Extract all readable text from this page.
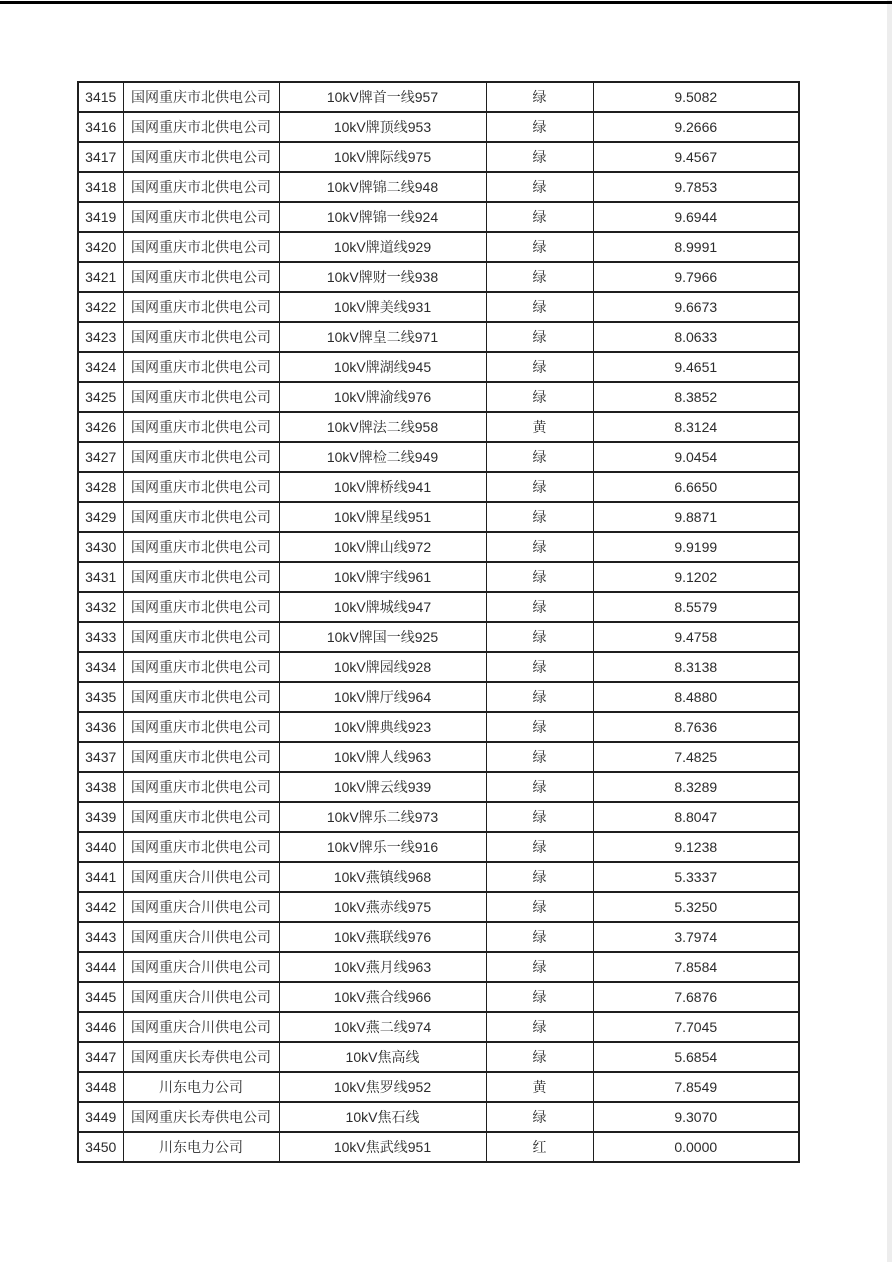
3415	国网重庆市北供电公司	10kV牌首一线957	绿	9.5082
3416	国网重庆市北供电公司	10kV牌顶线953	绿	9.2666
3417	国网重庆市北供电公司	10kV牌际线975	绿	9.4567
3418	国网重庆市北供电公司	10kV牌锦二线948	绿	9.7853
3419	国网重庆市北供电公司	10kV牌锦一线924	绿	9.6944
3420	国网重庆市北供电公司	10kV牌道线929	绿	8.9991
3421	国网重庆市北供电公司	10kV牌财一线938	绿	9.7966
3422	国网重庆市北供电公司	10kV牌美线931	绿	9.6673
3423	国网重庆市北供电公司	10kV牌皇二线971	绿	8.0633
3424	国网重庆市北供电公司	10kV牌湖线945	绿	9.4651
3425	国网重庆市北供电公司	10kV牌渝线976	绿	8.3852
3426	国网重庆市北供电公司	10kV牌法二线958	黄	8.3124
3427	国网重庆市北供电公司	10kV牌检二线949	绿	9.0454
3428	国网重庆市北供电公司	10kV牌桥线941	绿	6.6650
3429	国网重庆市北供电公司	10kV牌星线951	绿	9.8871
3430	国网重庆市北供电公司	10kV牌山线972	绿	9.9199
3431	国网重庆市北供电公司	10kV牌宇线961	绿	9.1202
3432	国网重庆市北供电公司	10kV牌城线947	绿	8.5579
3433	国网重庆市北供电公司	10kV牌国一线925	绿	9.4758
3434	国网重庆市北供电公司	10kV牌园线928	绿	8.3138
3435	国网重庆市北供电公司	10kV牌厅线964	绿	8.4880
3436	国网重庆市北供电公司	10kV牌典线923	绿	8.7636
3437	国网重庆市北供电公司	10kV牌人线963	绿	7.4825
3438	国网重庆市北供电公司	10kV牌云线939	绿	8.3289
3439	国网重庆市北供电公司	10kV牌乐二线973	绿	8.8047
3440	国网重庆市北供电公司	10kV牌乐一线916	绿	9.1238
3441	国网重庆合川供电公司	10kV燕镇线968	绿	5.3337
3442	国网重庆合川供电公司	10kV燕赤线975	绿	5.3250
3443	国网重庆合川供电公司	10kV燕联线976	绿	3.7974
3444	国网重庆合川供电公司	10kV燕月线963	绿	7.8584
3445	国网重庆合川供电公司	10kV燕合线966	绿	7.6876
3446	国网重庆合川供电公司	10kV燕二线974	绿	7.7045
3447	国网重庆长寿供电公司	10kV焦高线	绿	5.6854
3448	川东电力公司	10kV焦罗线952	黄	7.8549
3449	国网重庆长寿供电公司	10kV焦石线	绿	9.3070
3450	川东电力公司	10kV焦武线951	红	0.0000
